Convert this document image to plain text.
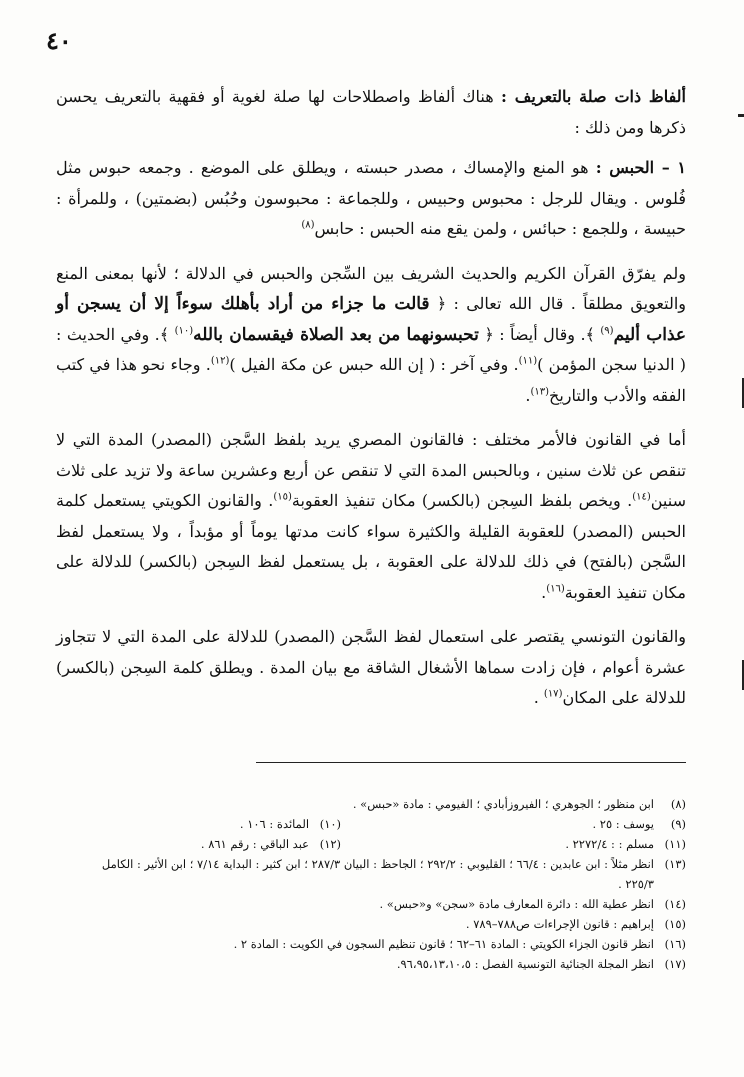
٤٠

ألفاظ ذات صلة بالتعريف : هناك ألفاظ واصطلاحات لها صلة لغوية أو فقهية بالتعريف يحسن ذكرها ومن ذلك :

١ – الحبس : هو المنع والإمساك ، مصدر حبسته ، ويطلق على الموضع . وجمعه حبوس مثل فُلوس . ويقال للرجل : محبوس وحبيس ، وللجماعة : محبوسون وحُبُس (بضمتين) ، وللمرأة : حبيسة ، وللجمع : حبائس ، ولمن يقع منه الحبس : حابس$^{(٨)}$

ولم يفرّق القرآن الكريم والحديث الشريف بين السِّجن والحبس في الدلالة ؛ لأنها بمعنى المنع والتعويق مطلقاً . قال الله تعالى : ﴿ قالت ما جزاء من أراد بأهلك سوءاً إلا أن يسجن أو عذاب أليم$^{(٩)}$ ﴾. وقال أيضاً : ﴿ تحبسونهما من بعد الصلاة فيقسمان بالله$^{(١٠)}$ ﴾. وفي الحديث : ( الدنيا سجن المؤمن )$^{(١١)}$. وفي آخر : ( إن الله حبس عن مكة الفيل )$^{(١٢)}$. وجاء نحو هذا في كتب الفقه والأدب والتاريخ$^{(١٣)}$.

أما في القانون فالأمر مختلف : فالقانون المصري يريد بلفظ السَّجن (المصدر) المدة التي لا تنقص عن ثلاث سنين ، وبالحبس المدة التي لا تنقص عن أربع وعشرين ساعة ولا تزيد على ثلاث سنين$^{(١٤)}$. ويخص بلفظ السِجن (بالكسر) مكان تنفيذ العقوبة$^{(١٥)}$. والقانون الكويتي يستعمل كلمة الحبس (المصدر) للعقوبة القليلة والكثيرة سواء كانت مدتها يوماً أو مؤبداً ، ولا يستعمل لفظ السَّجن (بالفتح) في ذلك للدلالة على العقوبة ، بل يستعمل لفظ السِجن (بالكسر) للدلالة على مكان تنفيذ العقوبة$^{(١٦)}$.

والقانون التونسي يقتصر على استعمال لفظ السَّجن (المصدر) للدلالة على المدة التي لا تتجاوز عشرة أعوام ، فإن زادت سماها الأشغال الشاقة مع بيان المدة . ويطلق كلمة السِجن (بالكسر) للدلالة على المكان$^{(١٧)}$ .

(٨)
ابن منظور ؛ الجوهري ؛ الفيروزأبادي ؛ الفيومي : مادة «حبس» .
(٩)
يوسف : ٢٥ .
(١٠)
المائدة : ١٠٦ .
(١١)
مسلم : : ٢٢٧٢/٤ .
(١٢)
عبد الباقي : رقم ٨٦١ .
(١٣)
انظر مثلاً : ابن عابدين : ٦٦/٤ ؛ القليوبي : ٢٩٢/٢ ؛ الجاحظ : البيان ٢٨٧/٣ ؛ ابن كثير : البداية ٧/١٤ ؛ ابن الأثير : الكامل ٢٢٥/٣ .
(١٤)
انظر عطية الله : دائرة المعارف مادة «سجن» و«حبس» .
(١٥)
إبراهيم : قانون الإجراءات ص٧٨٨–٧٨٩ .
(١٦)
انظر قانون الجزاء الكويتي : المادة ٦١–٦٢ ؛ قانون تنظيم السجون في الكويت : المادة ٢ .
(١٧)
انظر المجلة الجنائية التونسية الفصل : ٩٦،٩٥،١٣،١٠،٥.
